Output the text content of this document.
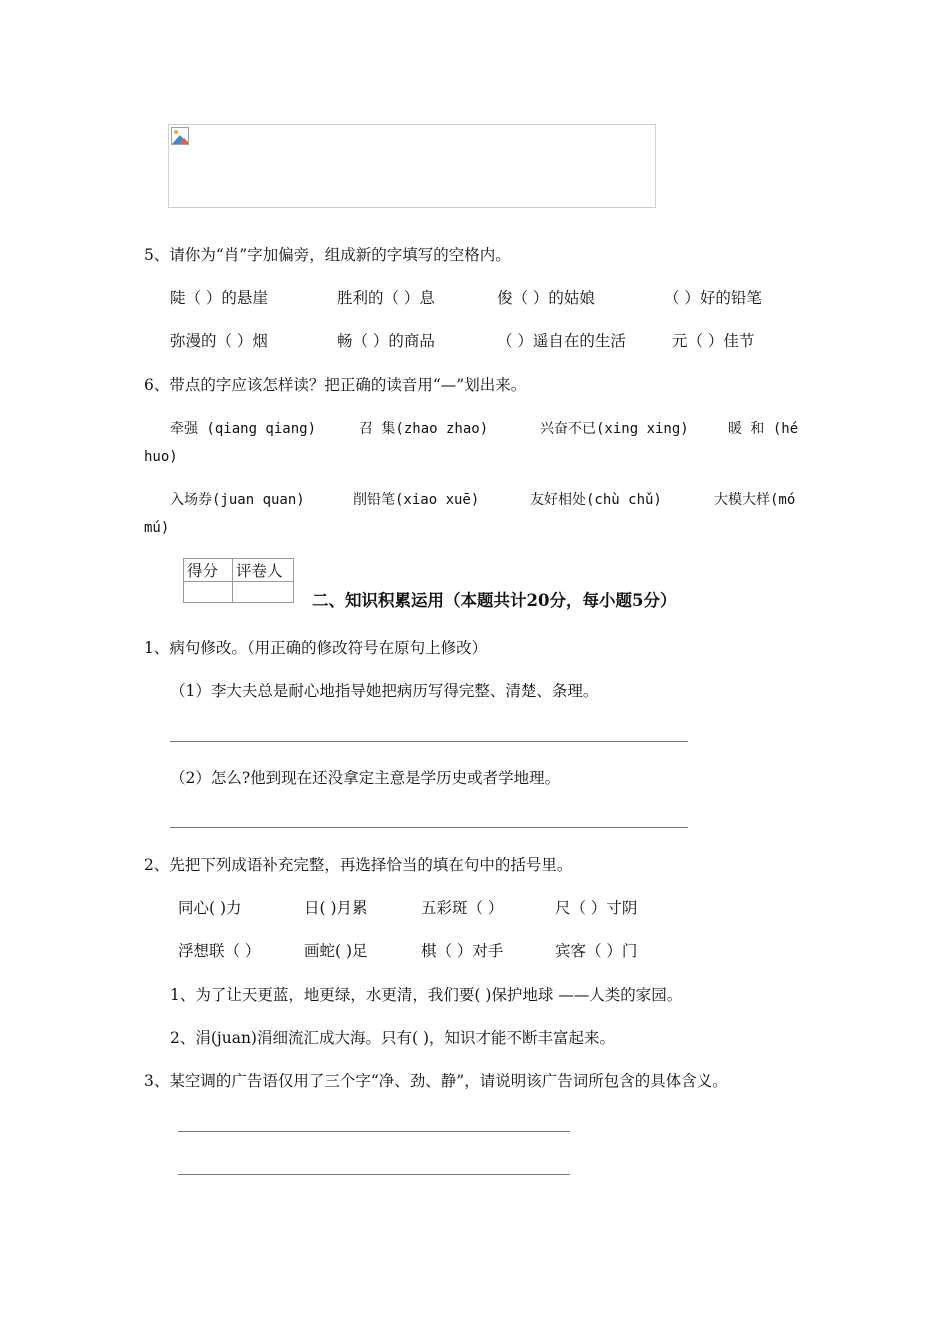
5、请你为“肖”字加偏旁，组成新的字填写的空格内。
陡（ ）的悬崖	胜利的（ ）息	俊（ ）的姑娘	（ ）好的铅笔
弥漫的（ ）烟	畅（ ）的商品	（ ）遥自在的生活	元（ ）佳节
6、带点的字应该怎样读？把正确的读音用“—”划出来。
牵强 (qiang qiang)	召 集(zhao zhao)	兴奋不已(xing xing)	暖 和 (hé
huo)
入场券(juan quan)	削铅笔(xiao xuē)	友好相处(chù chǔ)	大模大样(mó
mú)
得分	评卷人

二、知识积累运用（本题共计20分，每小题5分）
1、病句修改。（用正确的修改符号在原句上修改）
（1）李大夫总是耐心地指导她把病历写得完整、清楚、条理。
（2）怎么?他到现在还没拿定主意是学历史或者学地理。
2、先把下列成语补充完整，再选择恰当的填在句中的括号里。
同心( )力	日( )月累	五彩斑（ ）	尺（ ）寸阴
浮想联（ ）	画蛇( )足	棋（ ）对手	宾客（ ）门
1、为了让天更蓝，地更绿，水更清，我们要( )保护地球 ——人类的家园。
2、涓(juan)涓细流汇成大海。只有( )，知识才能不断丰富起来。
3、某空调的广告语仅用了三个字“净、劲、静”，请说明该广告词所包含的具体含义。
